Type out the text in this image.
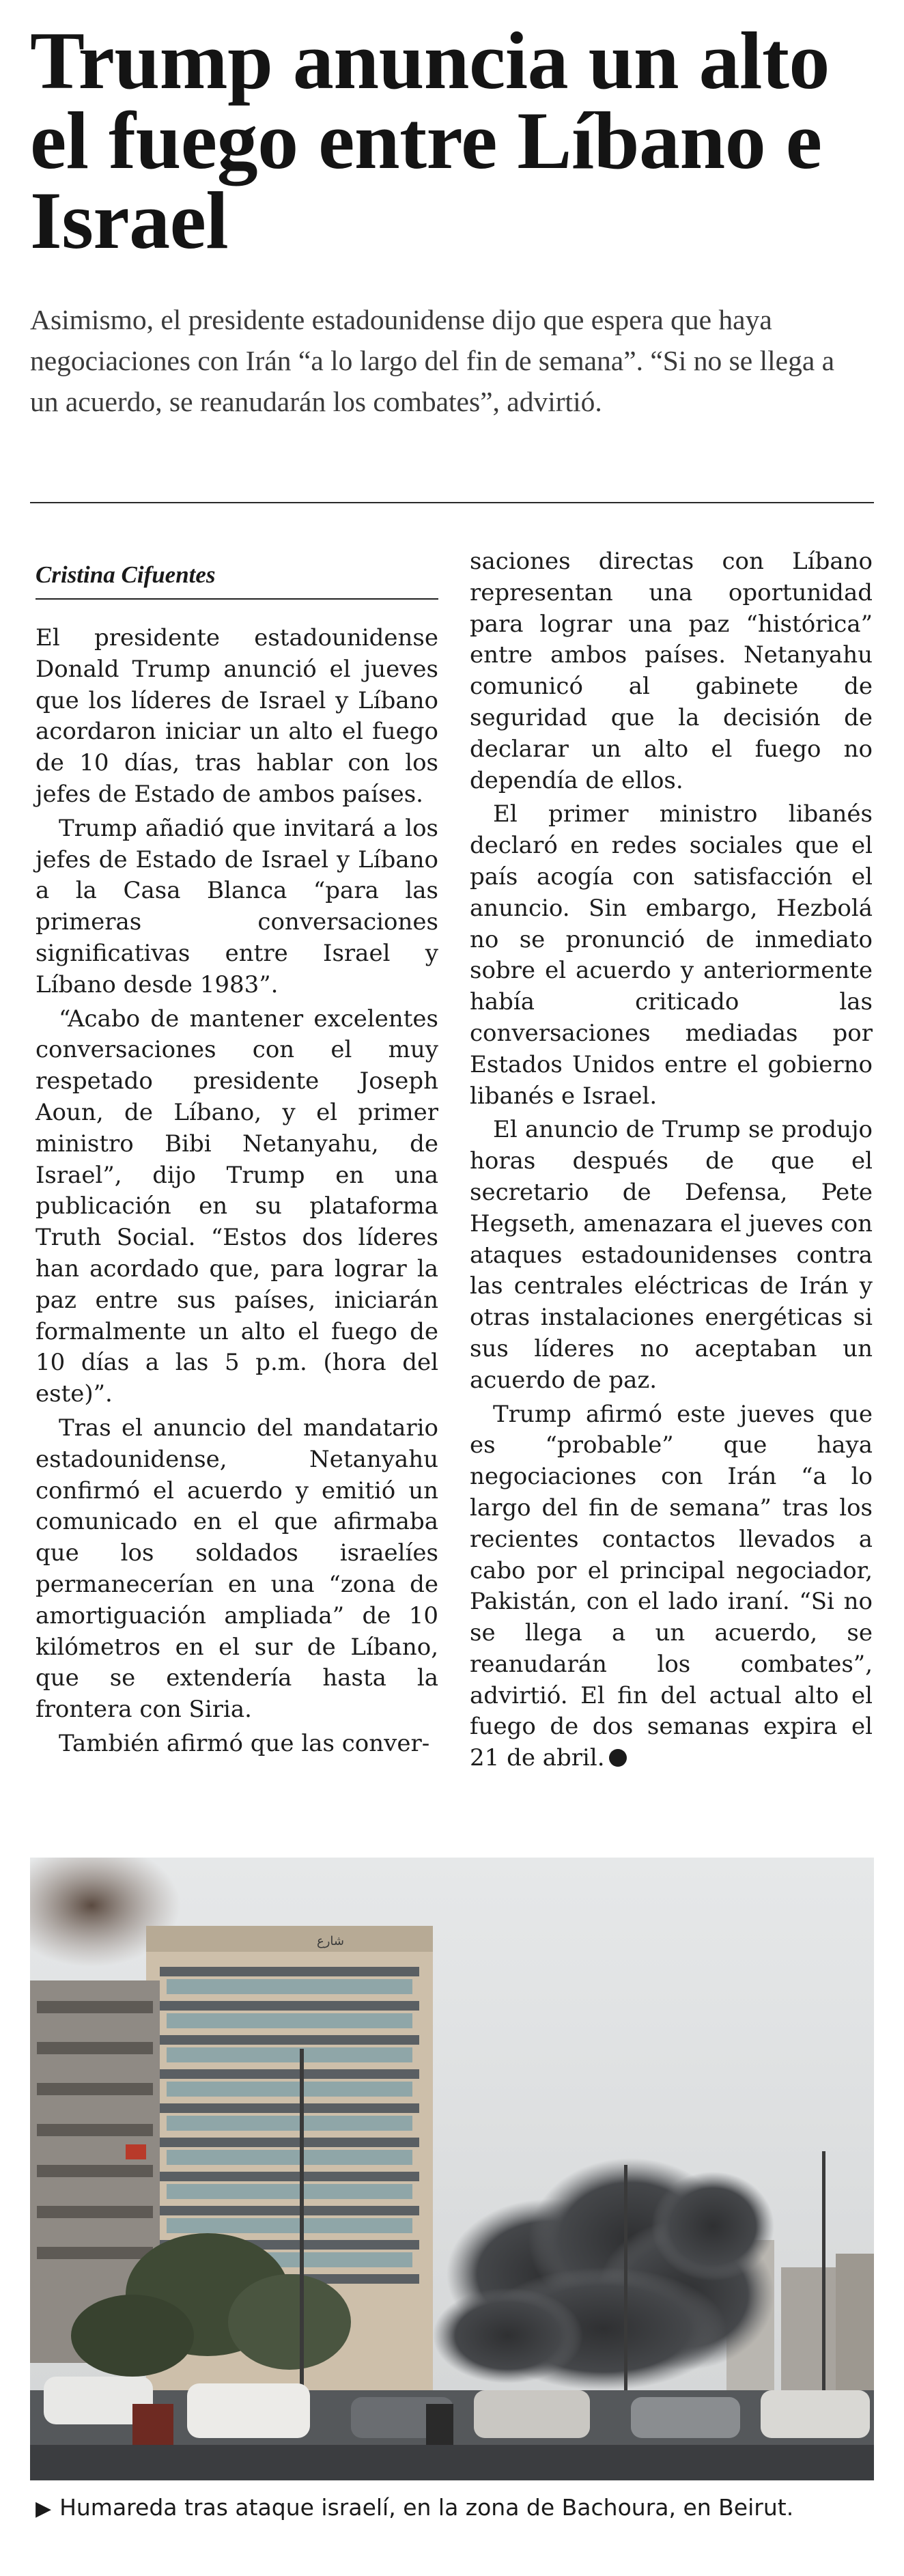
Trump anuncia un alto el fuego entre Líbano e Israel

Asimismo, el presidente estadounidense dijo que espera que haya negociaciones con Irán “a lo largo del fin de semana”. “Si no se llega a un acuerdo, se reanudarán los combates”, advirtió.

Cristina Cifuentes

El presidente estadounidense Donald Trump anunció el jueves que los líderes de Israel y Líbano acordaron iniciar un alto el fuego de 10 días, tras hablar con los jefes de Estado de ambos países.

Trump añadió que invitará a los jefes de Estado de Israel y Líbano a la Casa Blanca “para las primeras conversaciones significativas entre Israel y Líbano desde 1983”.

“Acabo de mantener excelentes conversaciones con el muy respetado presidente Joseph Aoun, de Líbano, y el primer ministro Bibi Netanyahu, de Israel”, dijo Trump en una publicación en su plataforma Truth Social. “Estos dos líderes han acordado que, para lograr la paz entre sus países, iniciarán formalmente un alto el fuego de 10 días a las 5 p.m. (hora del este)”.

Tras el anuncio del mandatario estadounidense, Netanyahu confirmó el acuerdo y emitió un comunicado en el que afirmaba que los soldados israelíes permanecerían en una “zona de amortiguación ampliada” de 10 kilómetros en el sur de Líbano, que se extendería hasta la frontera con Siria.

También afirmó que las conver-

saciones directas con Líbano representan una oportunidad para lograr una paz “histórica” entre ambos países. Netanyahu comunicó al gabinete de seguridad que la decisión de declarar un alto el fuego no dependía de ellos.

El primer ministro libanés declaró en redes sociales que el país acogía con satisfacción el anuncio. Sin embargo, Hezbolá no se pronunció de inmediato sobre el acuerdo y anteriormente había criticado las conversaciones mediadas por Estados Unidos entre el gobierno libanés e Israel.

El anuncio de Trump se produjo horas después de que el secretario de Defensa, Pete Hegseth, amenazara el jueves con ataques estadounidenses contra las centrales eléctricas de Irán y otras instalaciones energéticas si sus líderes no aceptaban un acuerdo de paz.

Trump afirmó este jueves que es “probable” que haya negociaciones con Irán “a lo largo del fin de semana” tras los recientes contactos llevados a cabo por el principal negociador, Pakistán, con el lado iraní. “Si no se llega a un acuerdo, se reanudarán los combates”, advirtió. El fin del actual alto el fuego de dos semanas expira el 21 de abril.

شارع
▶ Humareda tras ataque israelí, en la zona de Bachoura, en Beirut.
